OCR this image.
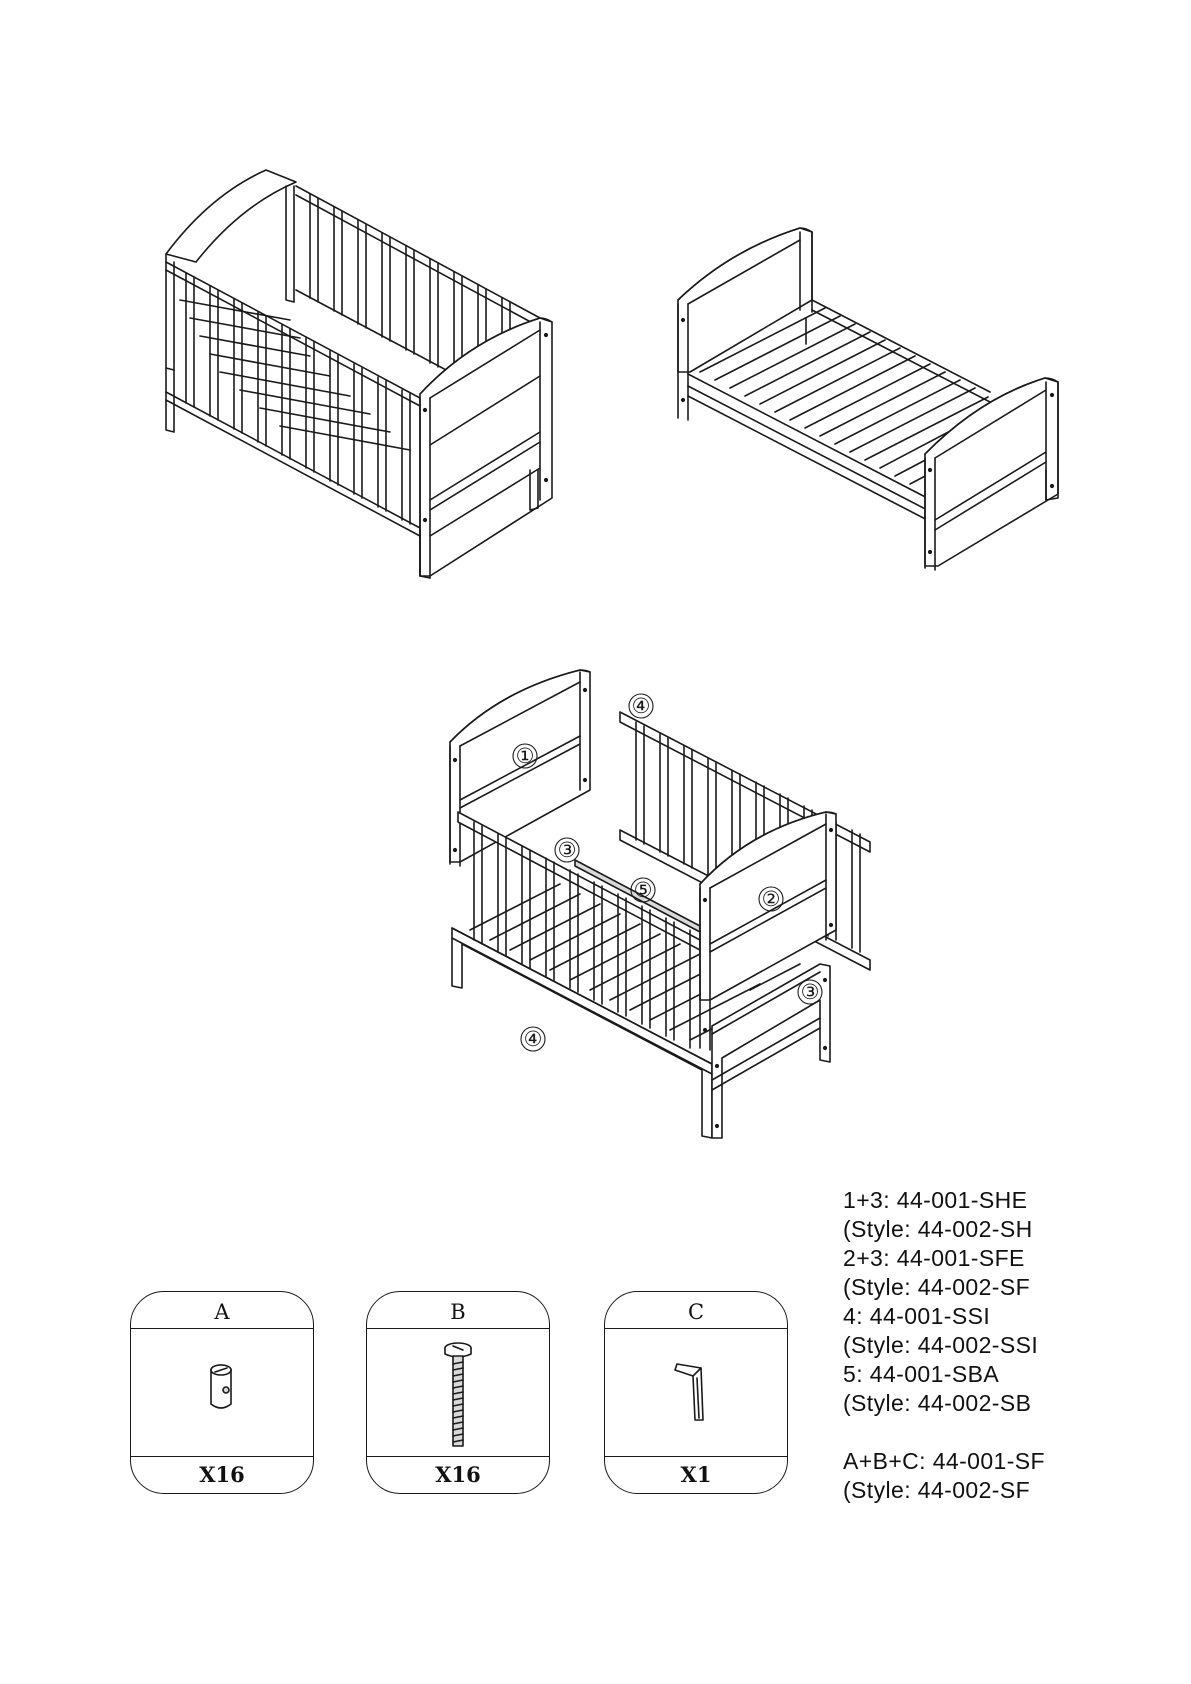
①
④
③
⑤	②
③
④
A
X16
B
X16
C
X1
1+3: 44-001-SHE
(Style: 44-002-SH
2+3: 44-001-SFE
(Style: 44-002-SF
4: 44-001-SSI
(Style: 44-002-SSI
5: 44-001-SBA
(Style: 44-002-SB
A+B+C: 44-001-SF
(Style: 44-002-SF
